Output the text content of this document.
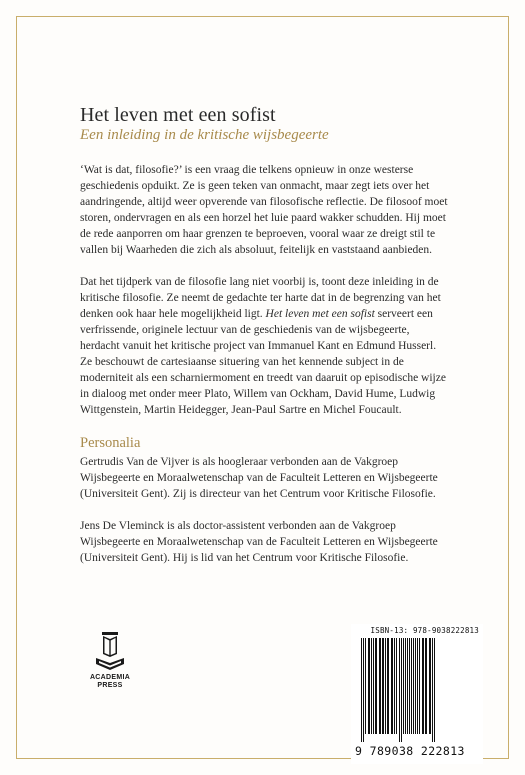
Het leven met een sofist

Een inleiding in de kritische wijsbegeerte

‘Wat is dat, filosofie?’ is een vraag die telkens opnieuw in onze westerse geschiedenis opduikt. Ze is geen teken van onmacht, maar zegt iets over het aandringende, altijd weer opverende van filosofische reflectie. De filosoof moet storen, ondervragen en als een horzel het luie paard wakker schudden. Hij moet de rede aanporren om haar grenzen te beproeven, vooral waar ze dreigt stil te vallen bij Waarheden die zich als absoluut, feitelijk en vaststaand aanbieden.

Dat het tijdperk van de filosofie lang niet voorbij is, toont deze inleiding in de kritische filosofie. Ze neemt de gedachte ter harte dat in de begrenzing van het denken ook haar hele mogelijkheid ligt. Het leven met een sofist serveert een verfrissende, originele lectuur van de geschiedenis van de wijsbegeerte, herdacht vanuit het kritische project van Immanuel Kant en Edmund Husserl. Ze beschouwt de cartesiaanse situering van het kennende subject in de moderniteit als een scharniermoment en treedt van daaruit op episodische wijze in dialoog met onder meer Plato, Willem van Ockham, David Hume, Ludwig Wittgenstein, Martin Heidegger, Jean-Paul Sartre en Michel Foucault.

Personalia

Gertrudis Van de Vijver is als hoogleraar verbonden aan de Vakgroep Wijsbegeerte en Moraalwetenschap van de Faculteit Letteren en Wijsbegeerte (Universiteit Gent). Zij is directeur van het Centrum voor Kritische Filosofie.

Jens De Vleminck is als doctor-assistent verbonden aan de Vakgroep Wijsbegeerte en Moraalwetenschap van de Faculteit Letteren en Wijsbegeerte (Universiteit Gent). Hij is lid van het Centrum voor Kritische Filosofie.

ACADEMIA
PRESS
ISBN-13: 978-9038222813
9 789038 222813
